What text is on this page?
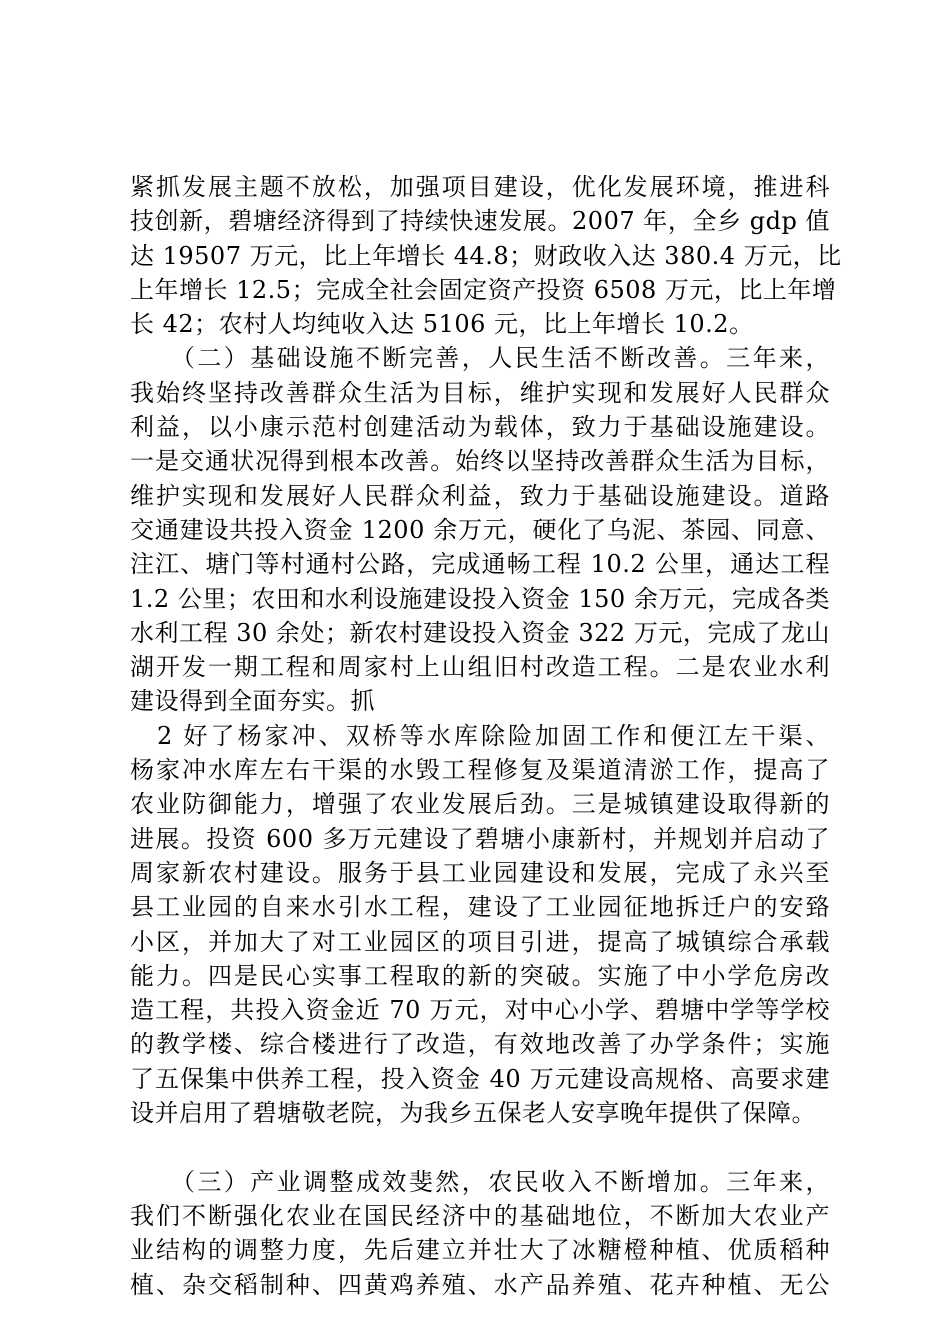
紧抓发展主题不放松，加强项目建设，优化发展环境，推进科
技创新，碧塘经济得到了持续快速发展。2007 年，全乡 gdp 值
达 19507 万元，比上年增长 44.8；财政收入达 380.4 万元，比
上年增长 12.5；完成全社会固定资产投资 6508 万元，比上年增
长 42；农村人均纯收入达 5106 元，比上年增长 10.2。
　　（二）基础设施不断完善，人民生活不断改善。三年来，
我始终坚持改善群众生活为目标，维护实现和发展好人民群众
利益，以小康示范村创建活动为载体，致力于基础设施建设。
一是交通状况得到根本改善。始终以坚持改善群众生活为目标，
维护实现和发展好人民群众利益，致力于基础设施建设。道路
交通建设共投入资金 1200 余万元，硬化了乌泥、茶园、同意、
注江、塘门等村通村公路，完成通畅工程 10.2 公里，通达工程
1.2 公里；农田和水利设施建设投入资金 150 余万元，完成各类
水利工程 30 余处；新农村建设投入资金 322 万元，完成了龙山
湖开发一期工程和周家村上山组旧村改造工程。二是农业水利
建设得到全面夯实。抓
　2 好了杨家冲、双桥等水库除险加固工作和便江左干渠、
杨家冲水库左右干渠的水毁工程修复及渠道清淤工作，提高了
农业防御能力，增强了农业发展后劲。三是城镇建设取得新的
进展。投资 600 多万元建设了碧塘小康新村，并规划并启动了
周家新农村建设。服务于县工业园建设和发展，完成了永兴至
县工业园的自来水引水工程，建设了工业园征地拆迁户的安臵
小区，并加大了对工业园区的项目引进，提高了城镇综合承载
能力。四是民心实事工程取的新的突破。实施了中小学危房改
造工程，共投入资金近 70 万元，对中心小学、碧塘中学等学校
的教学楼、综合楼进行了改造，有效地改善了办学条件；实施
了五保集中供养工程，投入资金 40 万元建设高规格、高要求建
设并启用了碧塘敬老院，为我乡五保老人安享晚年提供了保障。
　　（三）产业调整成效斐然，农民收入不断增加。三年来，
我们不断强化农业在国民经济中的基础地位，不断加大农业产
业结构的调整力度，先后建立并壮大了冰糖橙种植、优质稻种
植、杂交稻制种、四黄鸡养殖、水产品养殖、花卉种植、无公
